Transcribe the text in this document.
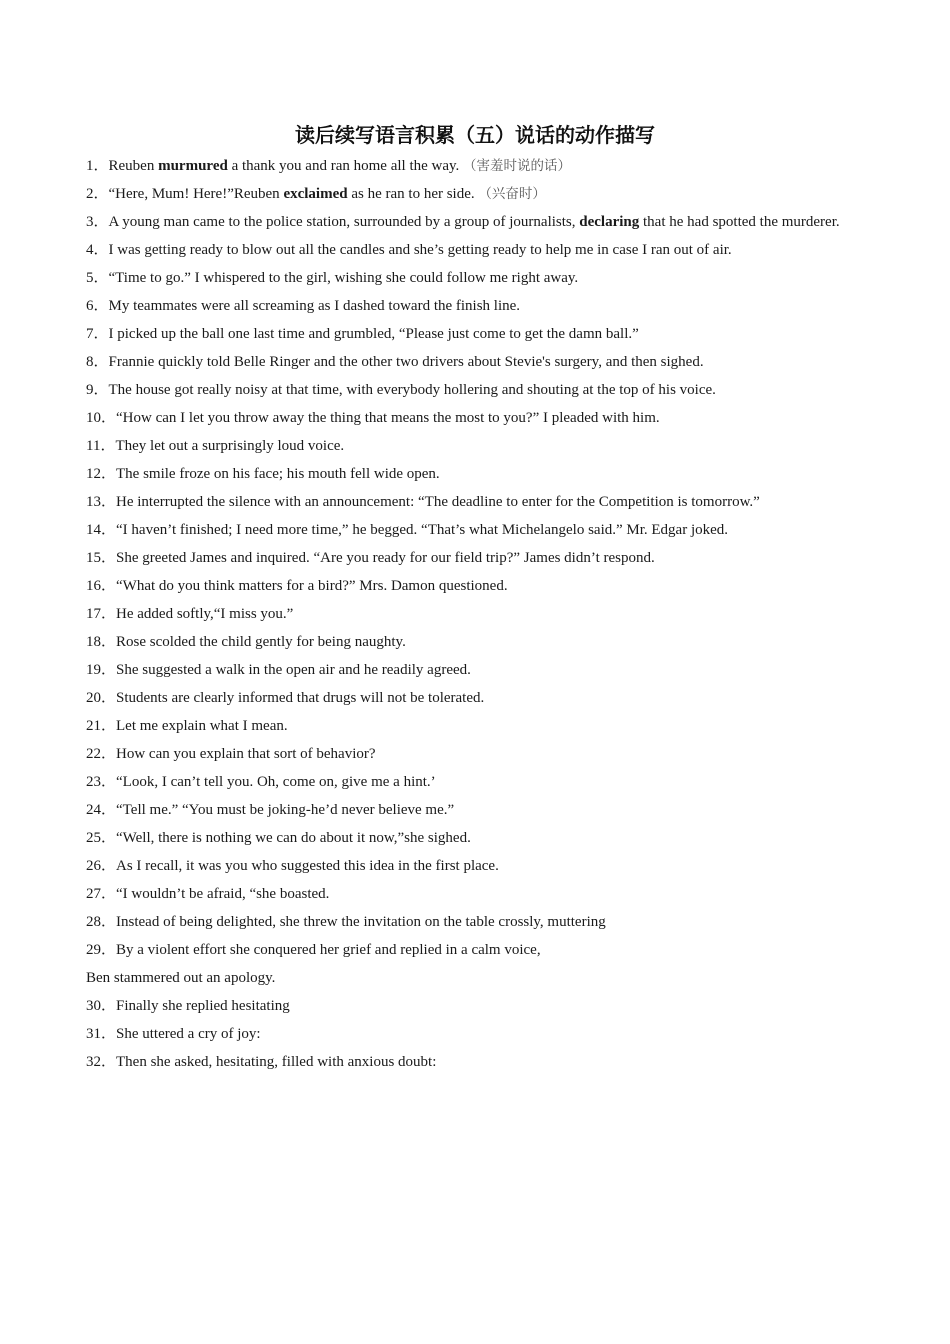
读后续写语言积累（五）说话的动作描写

1．Reuben murmured a thank you and ran home all the way. （害羞时说的话）

2．“Here, Mum! Here!”Reuben exclaimed as he ran to her side. （兴奋时）

3．A young man came to the police station, surrounded by a group of journalists, declaring that he had spotted the murderer.

4．I was getting ready to blow out all the candles and she’s getting ready to help me in case I ran out of air.

5．“Time to go.” I whispered to the girl, wishing she could follow me right away.

6．My teammates were all screaming as I dashed toward the finish line.

7．I picked up the ball one last time and grumbled, “Please just come to get the damn ball.”

8．Frannie quickly told Belle Ringer and the other two drivers about Stevie's surgery, and then sighed.

9．The house got really noisy at that time, with everybody hollering and shouting at the top of his voice.

10．“How can I let you throw away the thing that means the most to you?” I pleaded with him.

11．They let out a surprisingly loud voice.

12．The smile froze on his face; his mouth fell wide open.

13．He interrupted the silence with an announcement: “The deadline to enter for the Competition is tomorrow.”

14．“I haven’t finished; I need more time,” he begged. “That’s what Michelangelo said.” Mr. Edgar joked.

15．She greeted James and inquired. “Are you ready for our field trip?” James didn’t respond.

16．“What do you think matters for a bird?” Mrs. Damon questioned.

17．He added softly,“I miss you.”

18．Rose scolded the child gently for being naughty.

19．She suggested a walk in the open air and he readily agreed.

20．Students are clearly informed that drugs will not be tolerated.

21．Let me explain what I mean.

22．How can you explain that sort of behavior?

23．“Look, I can’t tell you. Oh, come on, give me a hint.’

24．“Tell me.” “You must be joking-he’d never believe me.”

25．“Well, there is nothing we can do about it now,”she sighed.

26．As I recall, it was you who suggested this idea in the first place.

27．“I wouldn’t be afraid, “she boasted.

28．Instead of being delighted, she threw the invitation on the table crossly, muttering

29．By a violent effort she conquered her grief and replied in a calm voice,

Ben stammered out an apology.

30．Finally she replied hesitating

31．She uttered a cry of joy:

32．Then she asked, hesitating, filled with anxious doubt:
